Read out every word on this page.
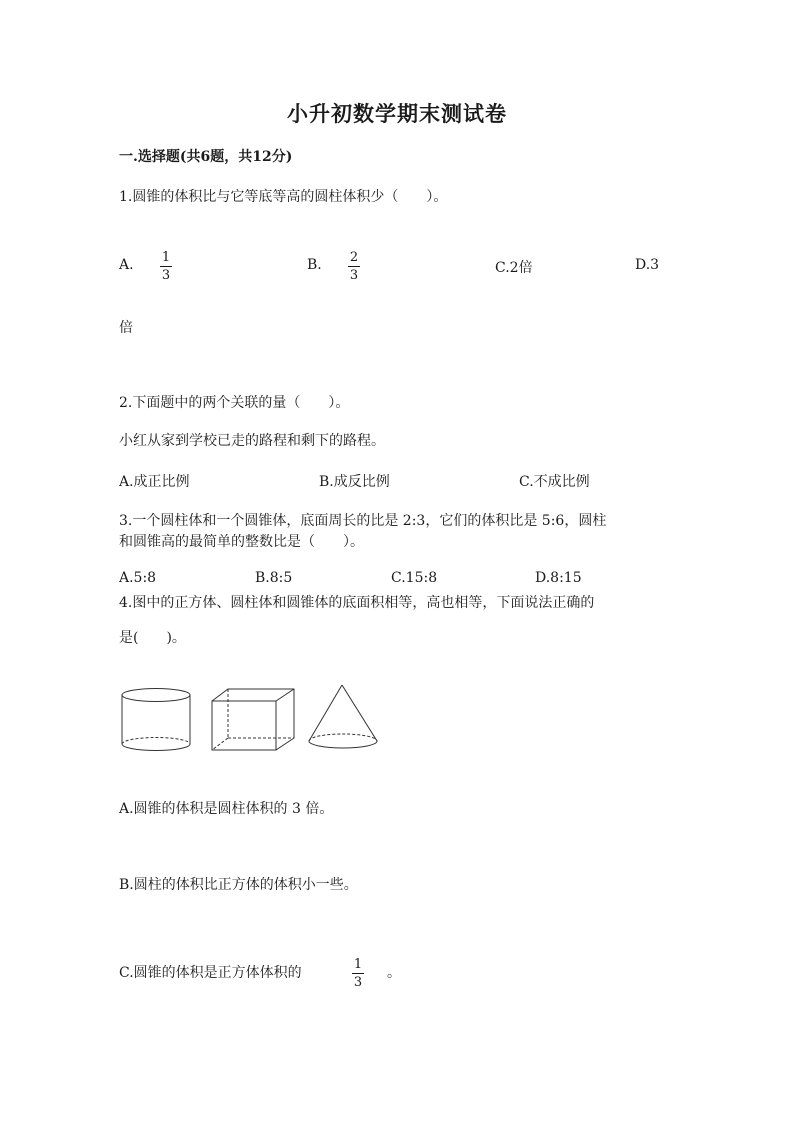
小升初数学期末测试卷
一.选择题(共6题，共12分)
1.圆锥的体积比与它等底等高的圆柱体积少（　　）。
A. 1
3
B. 2
3	C.2倍	D.3
倍
2.下面题中的两个关联的量（　　）。
小红从家到学校已走的路程和剩下的路程。
A.成正比例	B.成反比例	C.不成比例
3.一个圆柱体和一个圆锥体，底面周长的比是 2:3，它们的体积比是 5:6，圆柱
和圆锥高的最简单的整数比是（　　）。
A.5:8	B.8:5	C.15:8	D.8:15
4.图中的正方体、圆柱体和圆锥体的底面积相等，高也相等，下面说法正确的
是(　　)。
A.圆锥的体积是圆柱体积的 3 倍。
B.圆柱的体积比正方体的体积小一些。
C.圆锥的体积是正方体体积的
1
3
。
